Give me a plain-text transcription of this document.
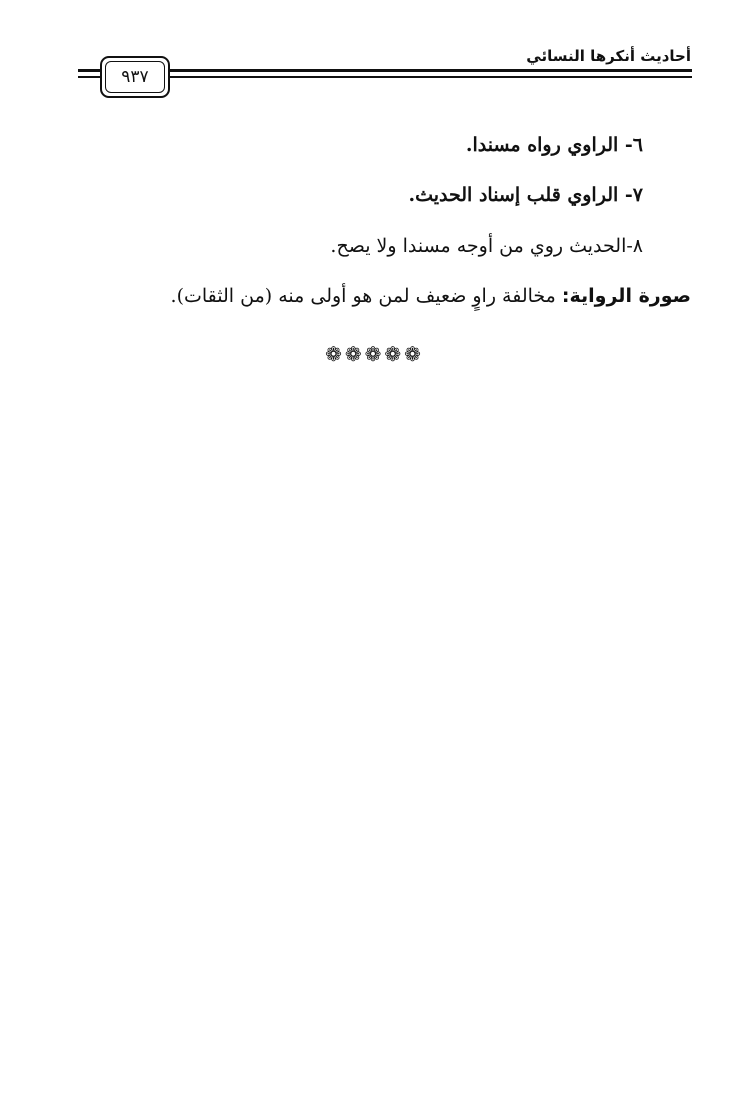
أحاديث أنكرها النسائي
٩٣٧
٦- الراوي رواه مسندا.
٧- الراوي قلب إسناد الحديث.
٨-الحديث روي من أوجه مسندا ولا يصح.
صورة الرواية: مخالفة راوٍ ضعيف لمن هو أولى منه (من الثقات).
❁ ❁ ❁ ❁ ❁
